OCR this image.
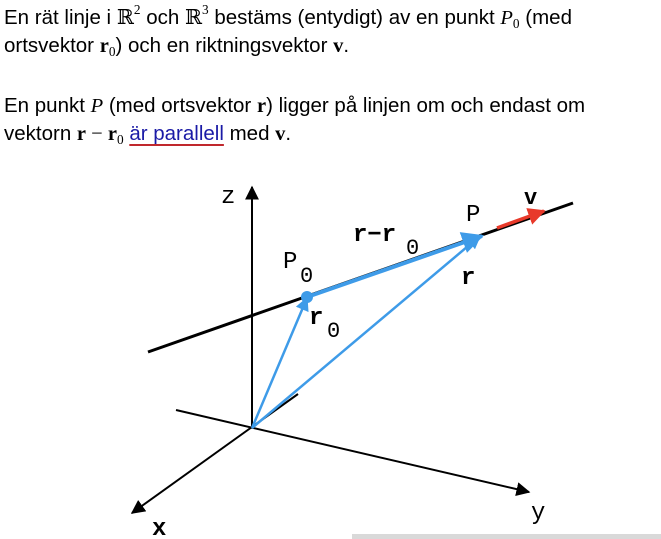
En rät linje i ℝ$^2$ och ℝ$^3$ bestäms (entydigt) av en punkt $P_0$ (med
ortsvektor $r_0$) och en riktningsvektor v.

En punkt P (med ortsvektor r) ligger på linjen om och endast om
vektorn $r - r_0$ är parallell med v.

z
y
x
P
0
P
v
r 0
r
r−r 0
